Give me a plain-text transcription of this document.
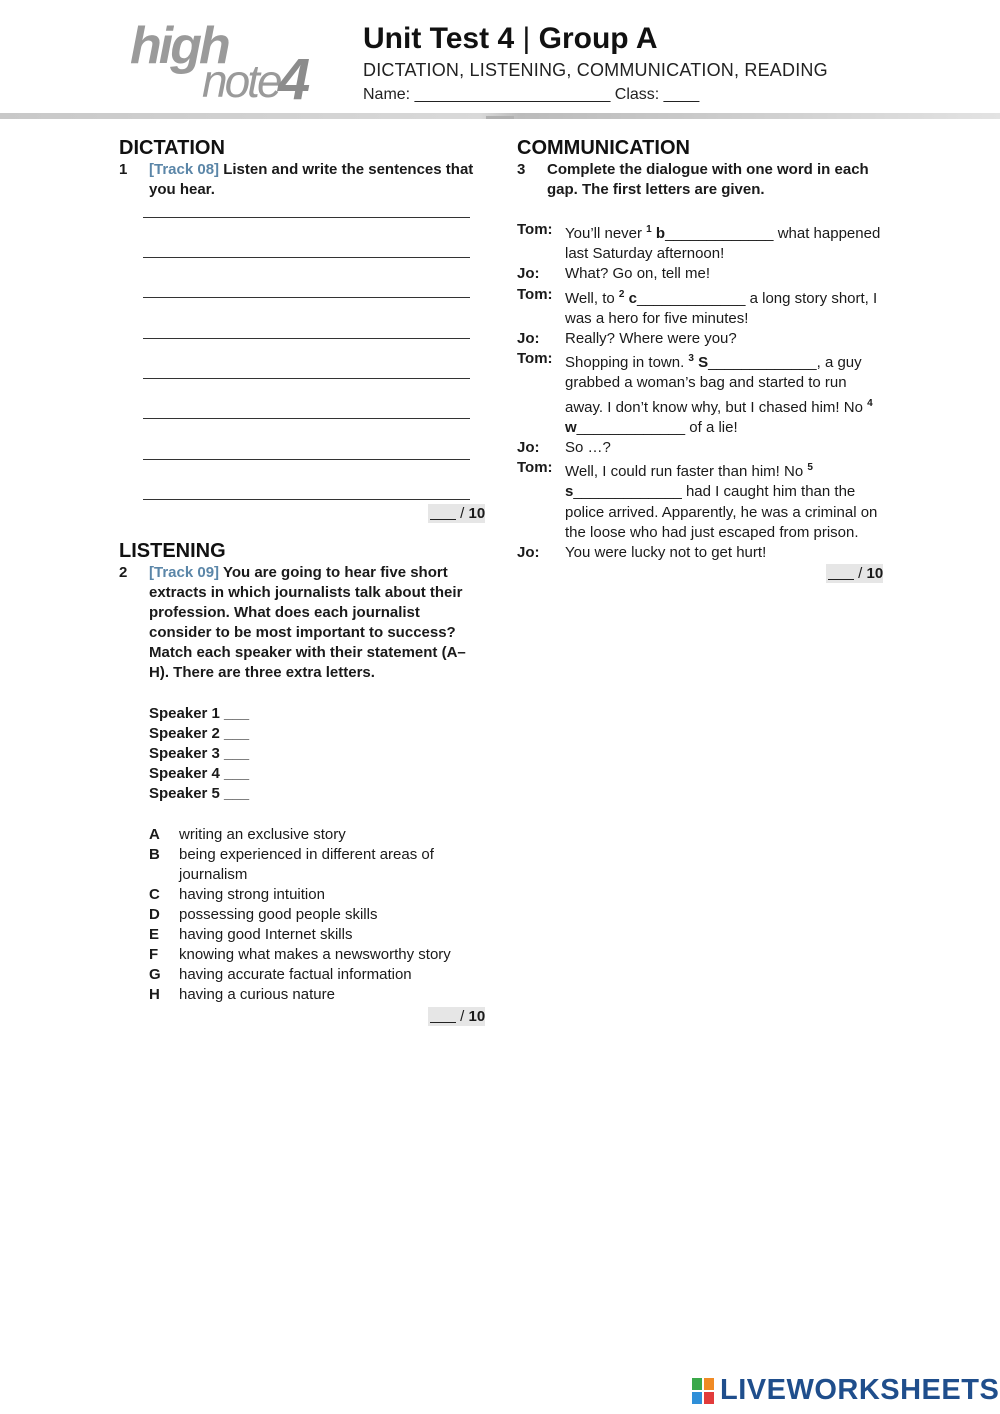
high
note
4
Unit Test 4 | Group A
DICTATION, LISTENING, COMMUNICATION, READING
Name: ______________________ Class: ____
DICTATION
1 [Track 08] Listen and write the sentences that you hear.
/ 10
LISTENING
2 [Track 09] You are going to hear five short extracts in which journalists talk about their profession. What does each journalist consider to be most important to success? Match each speaker with their statement (A–H). There are three extra letters.
Speaker 1 ___
Speaker 2 ___
Speaker 3 ___
Speaker 4 ___
Speaker 5 ___
A writing an exclusive story
B being experienced in different areas of journalism
C having strong intuition
D possessing good people skills
E having good Internet skills
F knowing what makes a newsworthy story
G having accurate factual information
H having a curious nature
/ 10
COMMUNICATION
3 Complete the dialogue with one word in each gap. The first letters are given.
Tom: You’ll never $^1$ b_____________ what happened last Saturday afternoon!
Jo: What? Go on, tell me!
Tom: Well, to $^2$ c_____________ a long story short, I was a hero for five minutes!
Jo: Really? Where were you?
Tom: Shopping in town. $^3$ S_____________, a guy grabbed a woman’s bag and started to run away. I don’t know why, but I chased him! No $^4$ w_____________ of a lie!
Jo: So …?
Tom: Well, I could run faster than him! No $^5$ s_____________ had I caught him than the police arrived. Apparently, he was a criminal on the loose who had just escaped from prison.
Jo: You were lucky not to get hurt!
/ 10
LIVEWORKSHEETS
